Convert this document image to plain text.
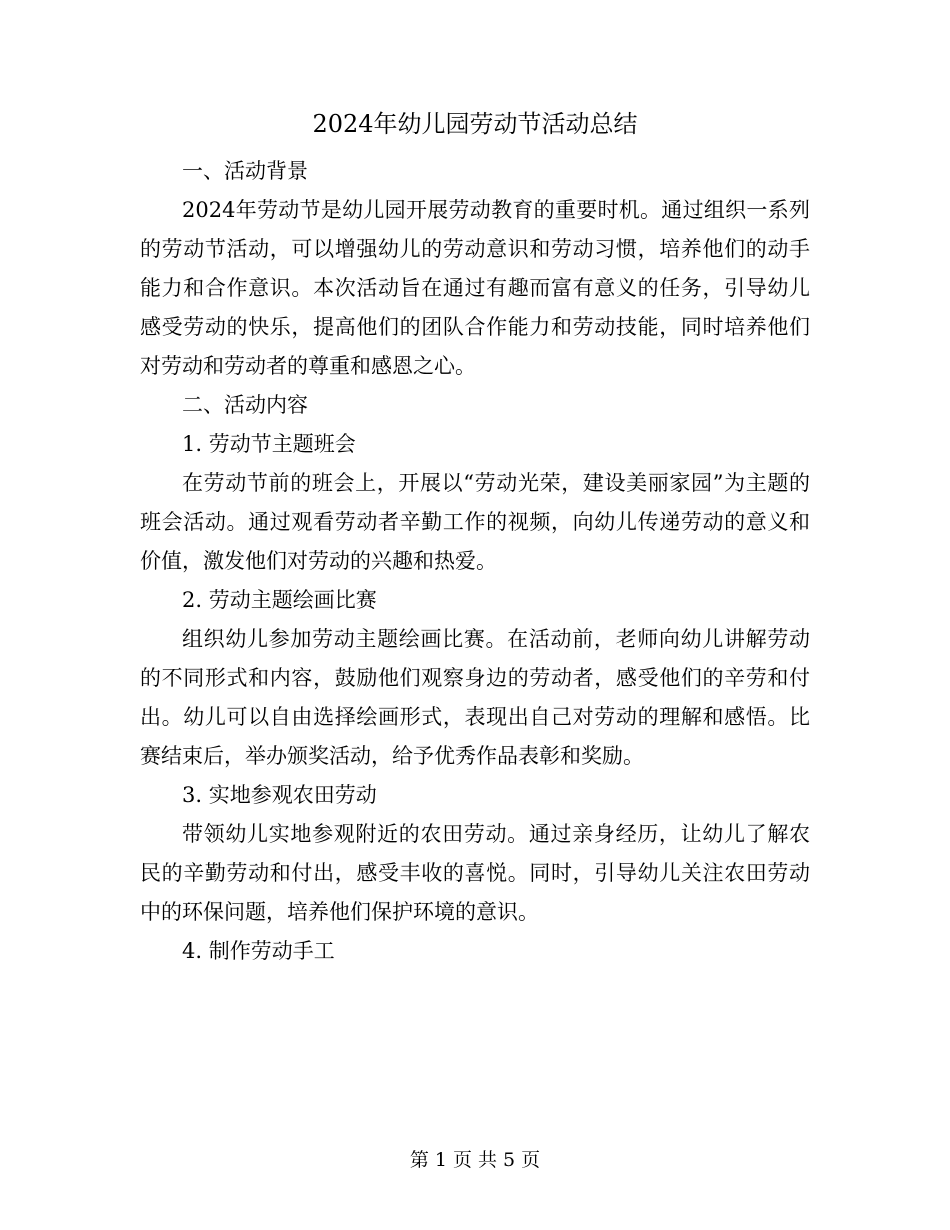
2024年幼儿园劳动节活动总结

一、活动背景

2024年劳动节是幼儿园开展劳动教育的重要时机。通过组织一系列的劳动节活动，可以增强幼儿的劳动意识和劳动习惯，培养他们的动手能力和合作意识。本次活动旨在通过有趣而富有意义的任务，引导幼儿感受劳动的快乐，提高他们的团队合作能力和劳动技能，同时培养他们对劳动和劳动者的尊重和感恩之心。

二、活动内容

1. 劳动节主题班会

在劳动节前的班会上，开展以“劳动光荣，建设美丽家园”为主题的班会活动。通过观看劳动者辛勤工作的视频，向幼儿传递劳动的意义和价值，激发他们对劳动的兴趣和热爱。

2. 劳动主题绘画比赛

组织幼儿参加劳动主题绘画比赛。在活动前，老师向幼儿讲解劳动的不同形式和内容，鼓励他们观察身边的劳动者，感受他们的辛劳和付出。幼儿可以自由选择绘画形式，表现出自己对劳动的理解和感悟。比赛结束后，举办颁奖活动，给予优秀作品表彰和奖励。

3. 实地参观农田劳动

带领幼儿实地参观附近的农田劳动。通过亲身经历，让幼儿了解农民的辛勤劳动和付出，感受丰收的喜悦。同时，引导幼儿关注农田劳动中的环保问题，培养他们保护环境的意识。

4. 制作劳动手工

第 1 页 共 5 页
